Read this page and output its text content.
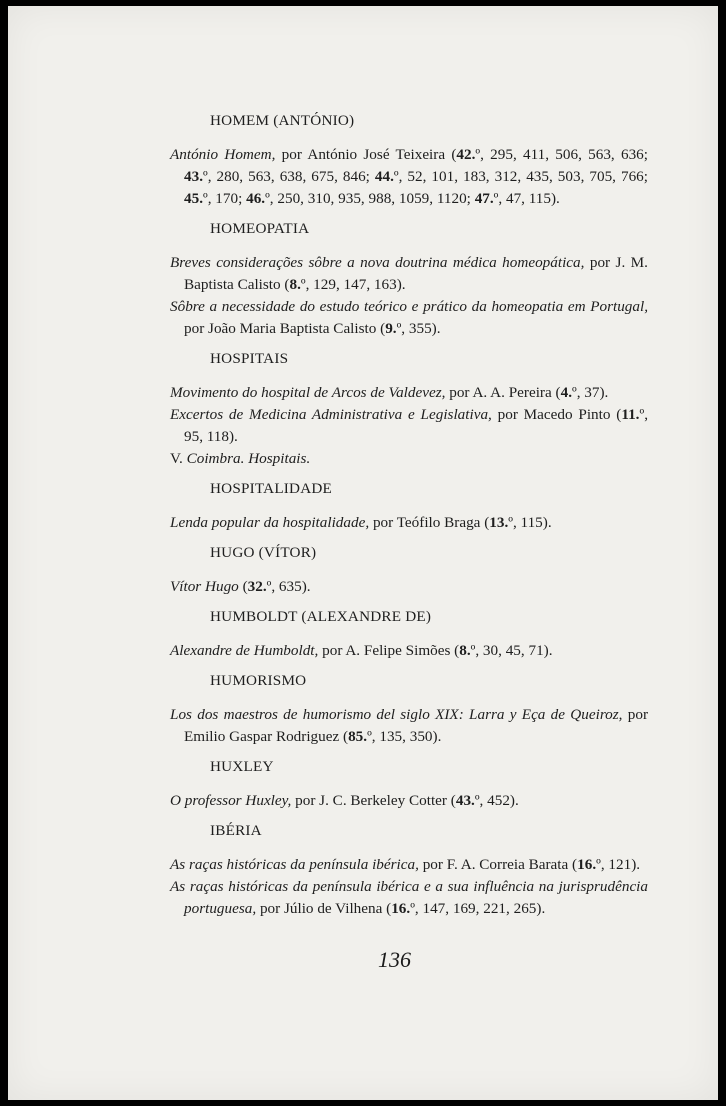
HOMEM (ANTÓNIO)

António Homem, por António José Teixeira (42.º, 295, 411, 506, 563, 636; 43.º, 280, 563, 638, 675, 846; 44.º, 52, 101, 183, 312, 435, 503, 705, 766; 45.º, 170; 46.º, 250, 310, 935, 988, 1059, 1120; 47.º, 47, 115).

HOMEOPATIA

Breves considerações sôbre a nova doutrina médica homeopática, por J. M. Baptista Calisto (8.º, 129, 147, 163).

Sôbre a necessidade do estudo teórico e prático da homeopatia em Portugal, por João Maria Baptista Calisto (9.º, 355).

HOSPITAIS

Movimento do hospital de Arcos de Valdevez, por A. A. Pereira (4.º, 37).

Excertos de Medicina Administrativa e Legislativa, por Macedo Pinto (11.º, 95, 118).

V. Coimbra. Hospitais.

HOSPITALIDADE

Lenda popular da hospitalidade, por Teófilo Braga (13.º, 115).

HUGO (VÍTOR)

Vítor Hugo (32.º, 635).

HUMBOLDT (ALEXANDRE DE)

Alexandre de Humboldt, por A. Felipe Simões (8.º, 30, 45, 71).

HUMORISMO

Los dos maestros de humorismo del siglo XIX: Larra y Eça de Queiroz, por Emilio Gaspar Rodriguez (85.º, 135, 350).

HUXLEY

O professor Huxley, por J. C. Berkeley Cotter (43.º, 452).

IBÉRIA

As raças históricas da península ibérica, por F. A. Correia Barata (16.º, 121).

As raças históricas da península ibérica e a sua influência na jurisprudência portuguesa, por Júlio de Vilhena (16.º, 147, 169, 221, 265).

136
